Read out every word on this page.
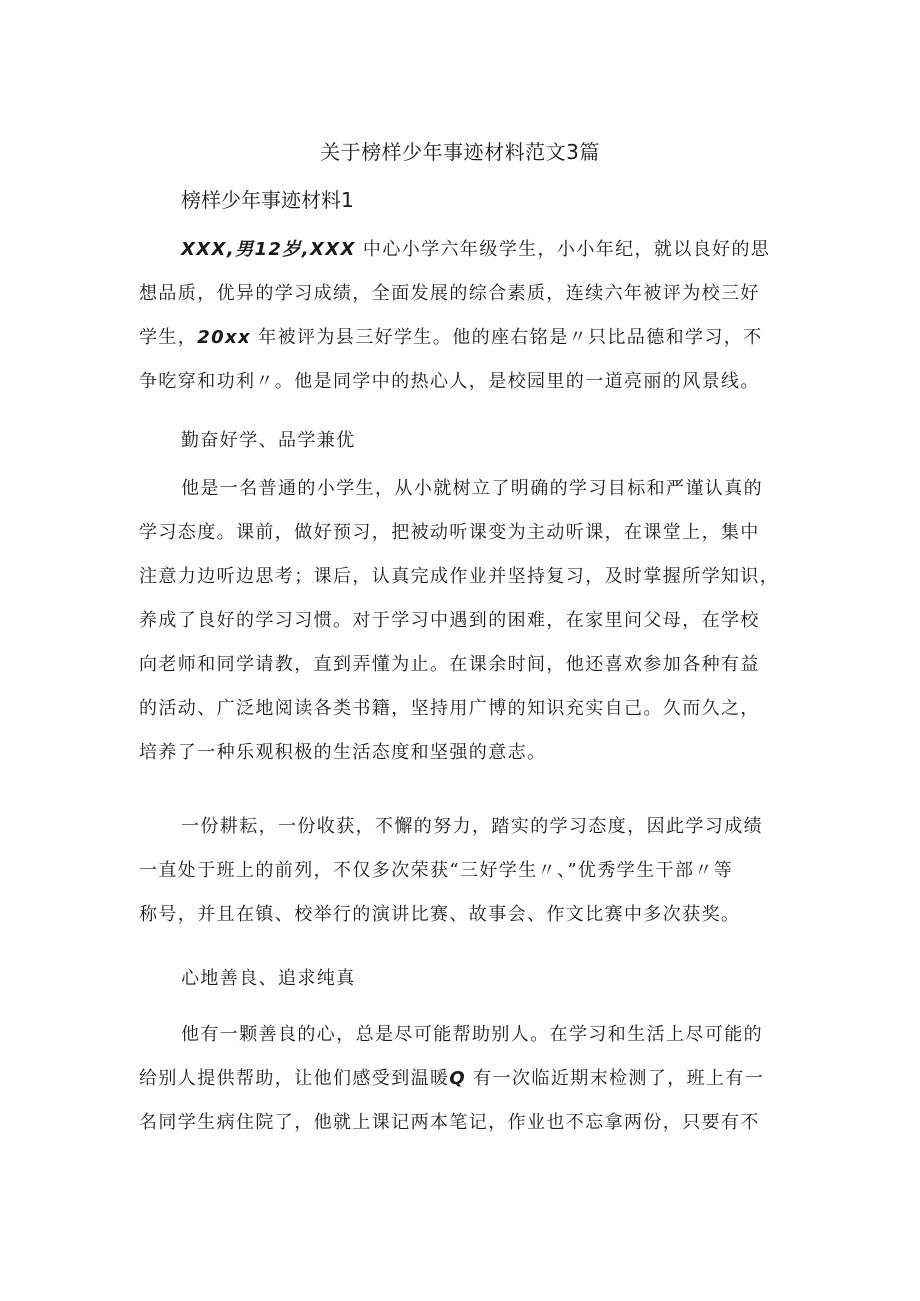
关于榜样少年事迹材料范文3篇
榜样少年事迹材料1
XXX,男12岁,XXX 中心小学六年级学生，小小年纪，就以良好的思
想品质，优异的学习成绩，全面发展的综合素质，连续六年被评为校三好
学生，20xx 年被评为县三好学生。他的座右铭是〃只比品德和学习，不
争吃穿和功利〃。他是同学中的热心人，是校园里的一道亮丽的风景线。
勤奋好学、品学兼优
他是一名普通的小学生，从小就树立了明确的学习目标和严谨认真的
学习态度。课前，做好预习，把被动听课变为主动听课，在课堂上，集中
注意力边听边思考；课后，认真完成作业并坚持复习，及时掌握所学知识，
养成了良好的学习习惯。对于学习中遇到的困难，在家里问父母，在学校
向老师和同学请教，直到弄懂为止。在课余时间，他还喜欢参加各种有益
的活动、广泛地阅读各类书籍，坚持用广博的知识充实自己。久而久之，
培养了一种乐观积极的生活态度和坚强的意志。
一份耕耘，一份收获，不懈的努力，踏实的学习态度，因此学习成绩
一直处于班上的前列，不仅多次荣获“三好学生〃、”优秀学生干部〃等
称号，并且在镇、校举行的演讲比赛、故事会、作文比赛中多次获奖。
心地善良、追求纯真
他有一颗善良的心，总是尽可能帮助别人。在学习和生活上尽可能的
给别人提供帮助，让他们感受到温暖Q 有一次临近期末检测了，班上有一
名同学生病住院了，他就上课记两本笔记，作业也不忘拿两份，只要有不
